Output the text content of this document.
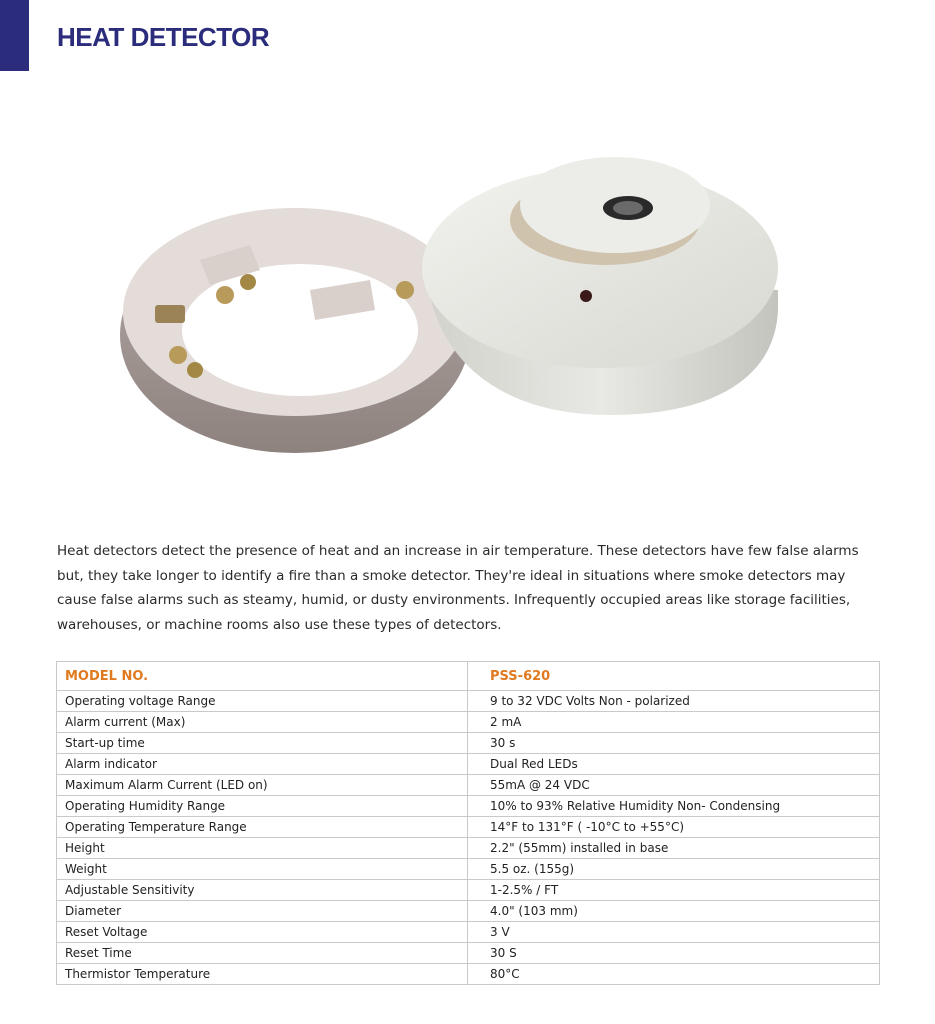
HEAT DETECTOR

Heat detectors detect the presence of heat and an increase in air temperature. These detectors have few false alarms but, they take longer to identify a fire than a smoke detector. They're ideal in situations where smoke detectors may cause false alarms such as steamy, humid, or dusty environments. Infrequently occupied areas like storage facilities, warehouses, or machine rooms also use these types of detectors.

MODEL NO.	PSS-620
Operating voltage Range	9 to 32 VDC Volts Non - polarized
Alarm current (Max)	2 mA
Start-up time	30 s
Alarm indicator	Dual Red LEDs
Maximum Alarm Current (LED on)	55mA @ 24 VDC
Operating Humidity Range	10% to 93% Relative Humidity Non- Condensing
Operating Temperature Range	14°F to 131°F ( -10°C to +55°C)
Height	2.2" (55mm) installed in base
Weight	5.5 oz. (155g)
Adjustable Sensitivity	1-2.5% / FT
Diameter	4.0" (103 mm)
Reset Voltage	3 V
Reset Time	30 S
Thermistor Temperature	80°C
